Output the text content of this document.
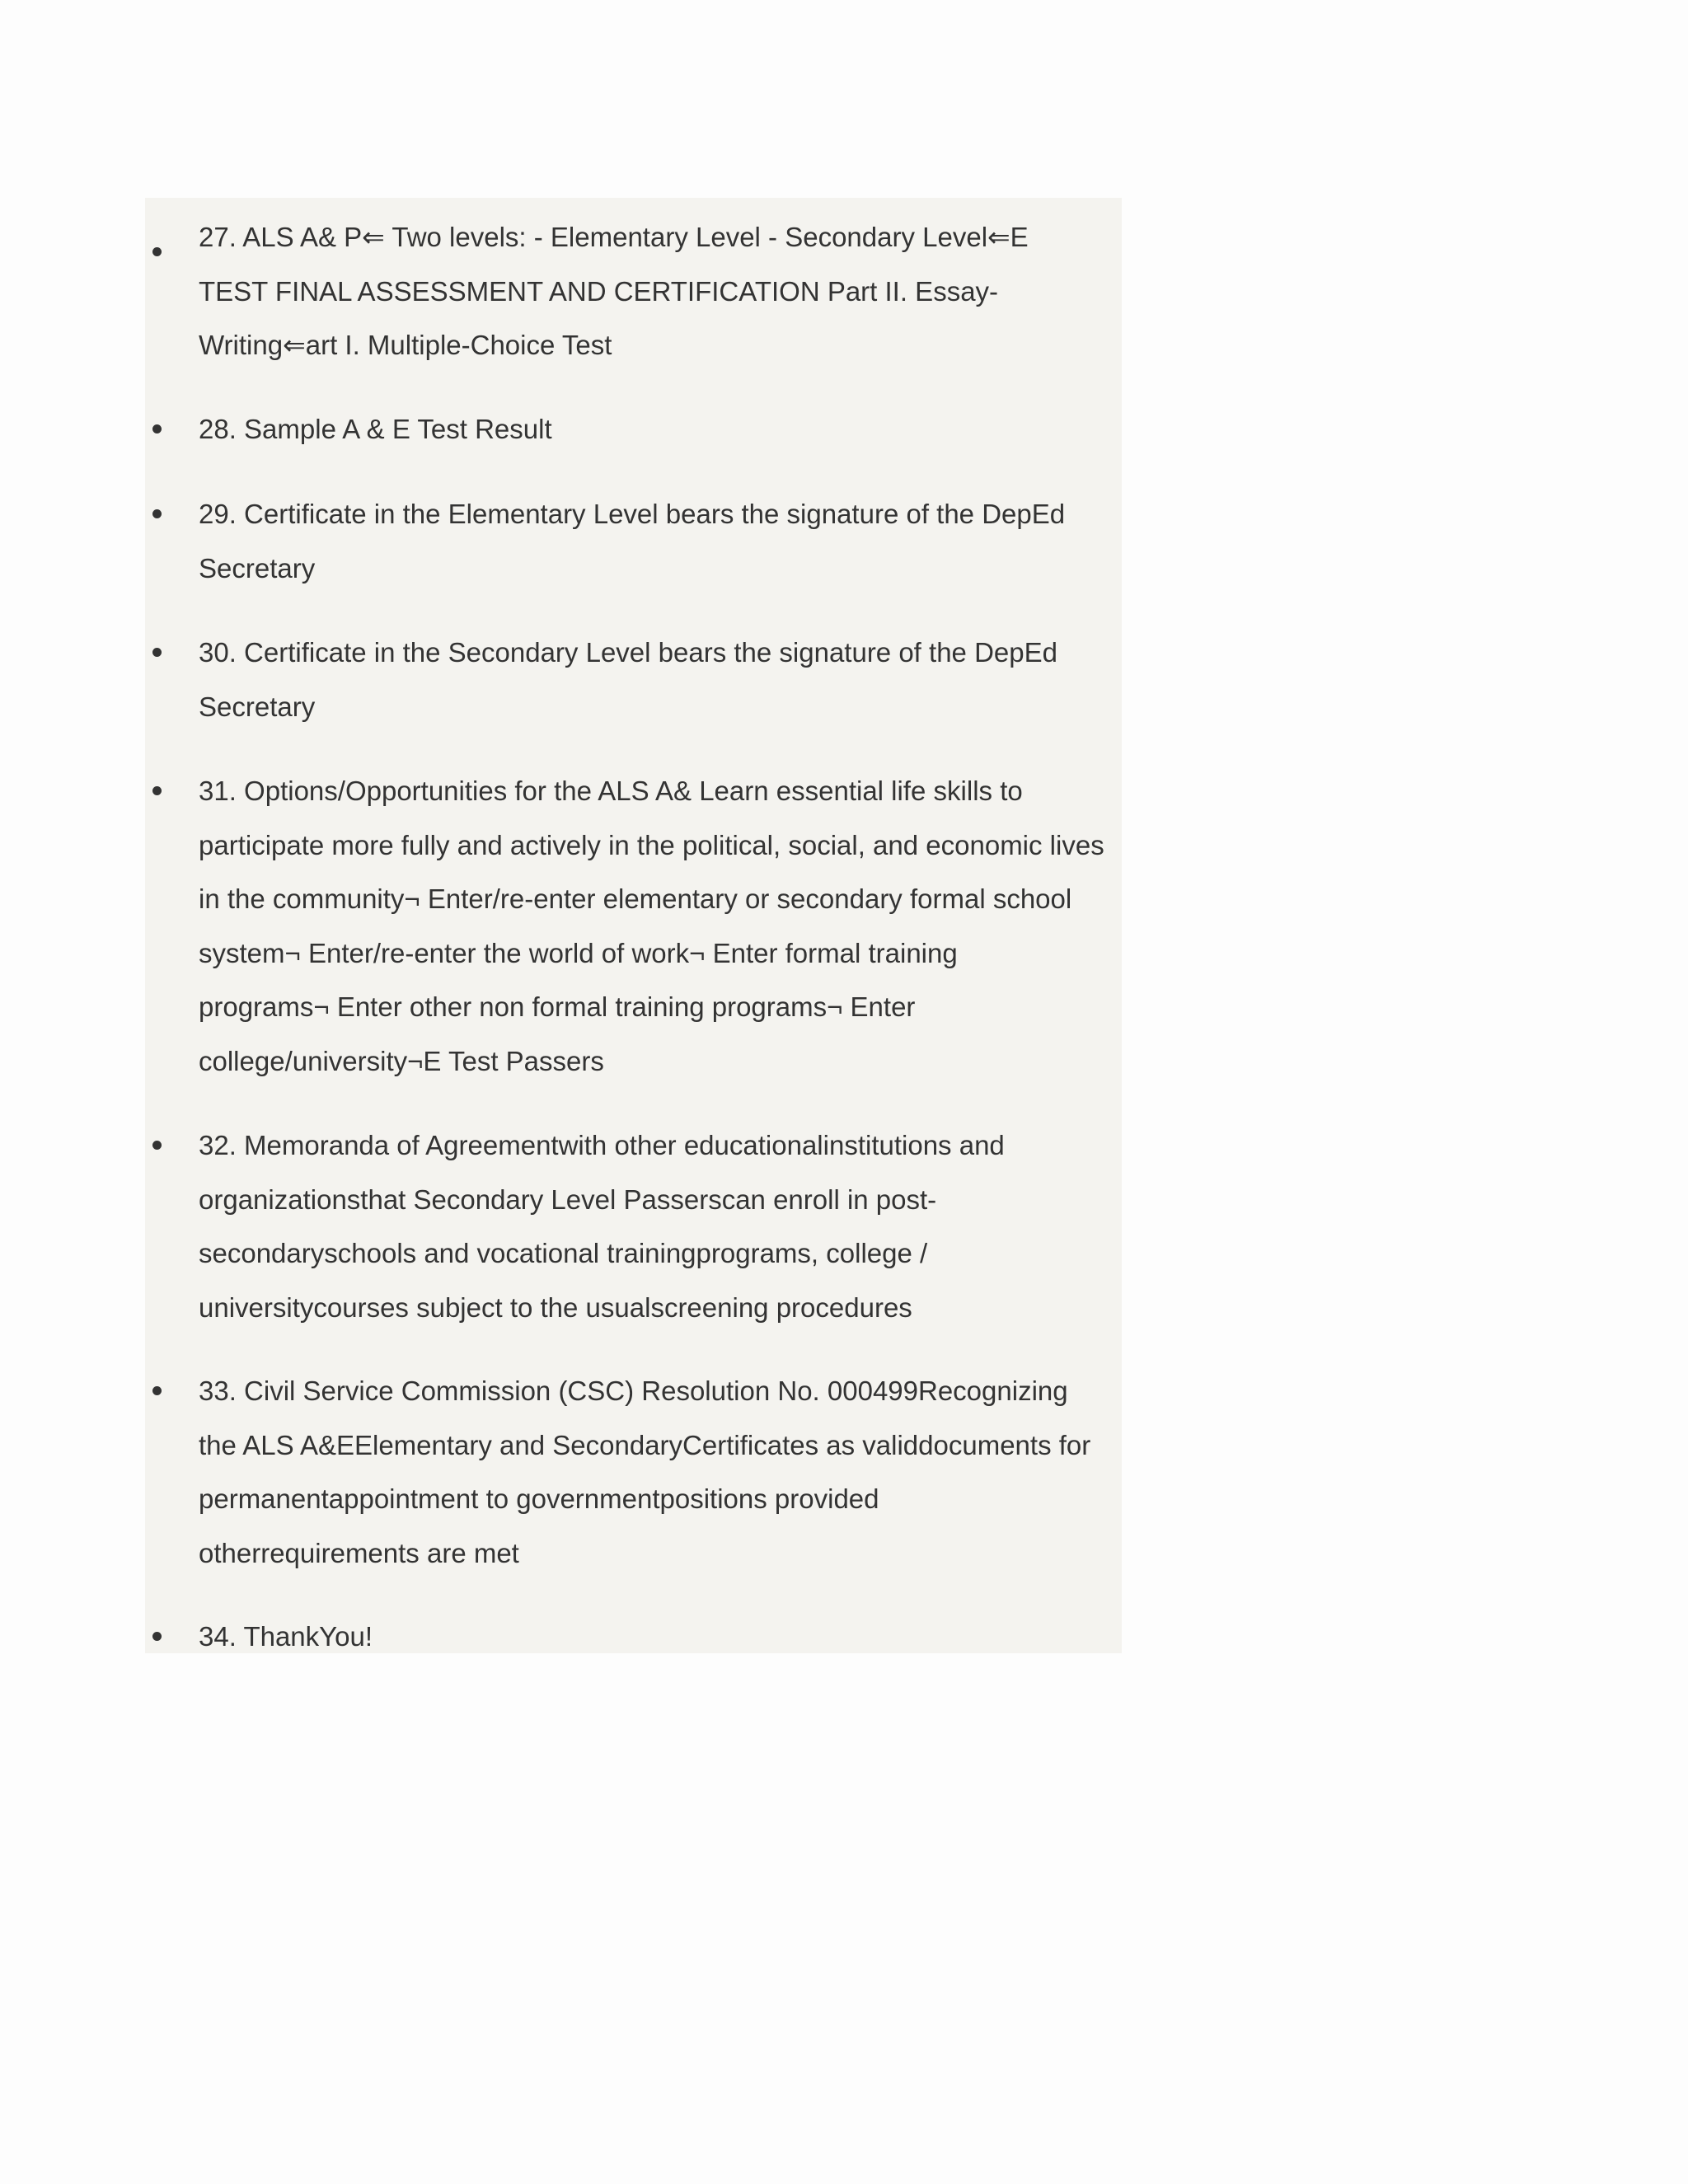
27. ALS A& P⇐ Two levels: - Elementary Level - Secondary Level⇐E
TEST FINAL ASSESSMENT AND CERTIFICATION Part II. Essay-
Writing⇐art I. Multiple-Choice Test
28. Sample A & E Test Result
29. Certificate in the Elementary Level bears the signature of the DepEd
Secretary
30. Certificate in the Secondary Level bears the signature of the DepEd
Secretary
31. Options/Opportunities for the ALS A& Learn essential life skills to
participate more fully and actively in the political, social, and economic lives
in the community¬ Enter/re-enter elementary or secondary formal school
system¬ Enter/re-enter the world of work¬ Enter formal training
programs¬ Enter other non formal training programs¬ Enter
college/university¬E Test Passers
32. Memoranda of Agreementwith other educationalinstitutions and
organizationsthat Secondary Level Passerscan enroll in post-
secondaryschools and vocational trainingprograms, college /
universitycourses subject to the usualscreening procedures
33. Civil Service Commission (CSC) Resolution No. 000499Recognizing
the ALS A&EElementary and SecondaryCertificates as validdocuments for
permanentappointment to governmentpositions provided
otherrequirements are met
34. ThankYou!
